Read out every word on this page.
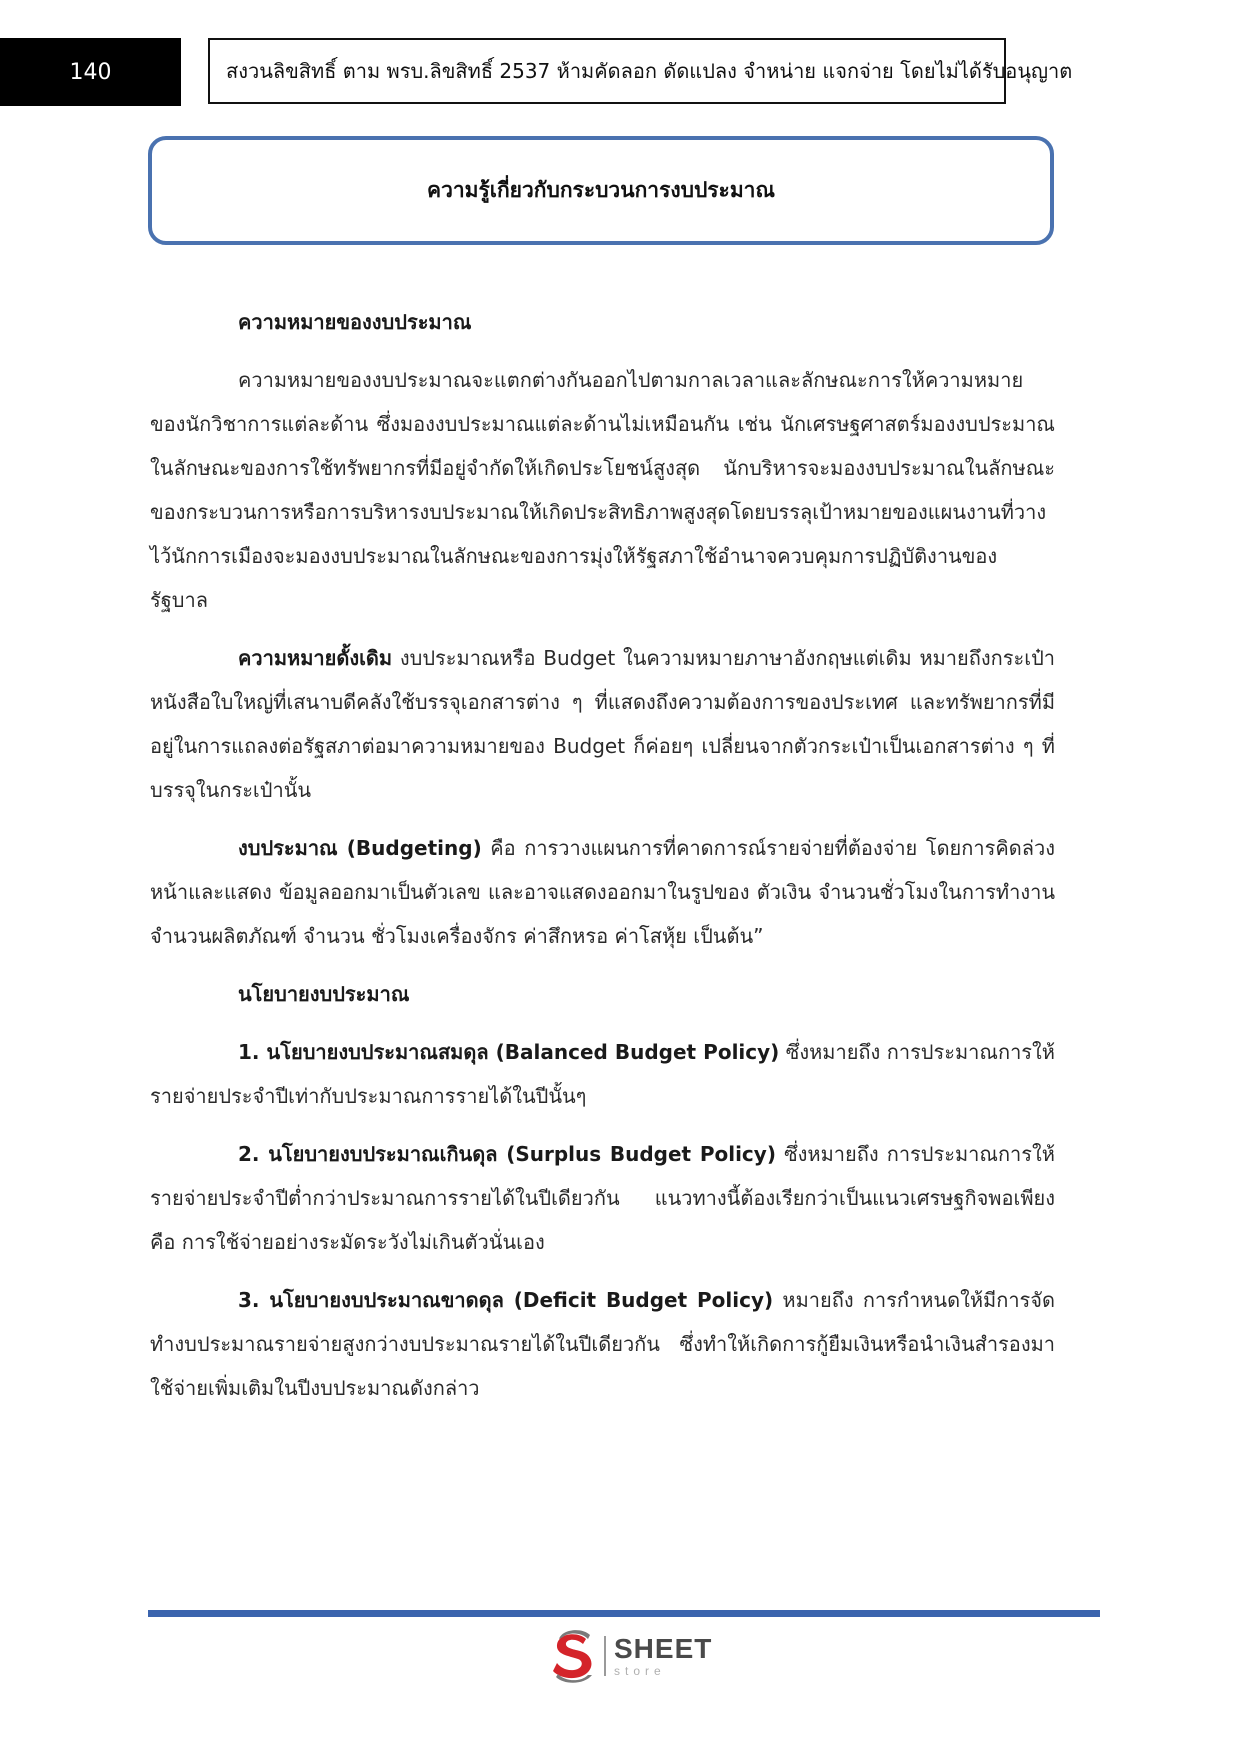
140	สงวนลิขสิทธิ์ ตาม พรบ.ลิขสิทธิ์ 2537 ห้ามคัดลอก ดัดแปลง จำหน่าย แจกจ่าย โดยไม่ได้รับอนุญาต
ความรู้เกี่ยวกับกระบวนการงบประมาณ

ความหมายของงบประมาณ

ความหมายของงบประมาณจะแตกต่างกันออกไปตามกาลเวลาและลักษณะการให้ความหมายของนักวิชาการแต่ละด้าน ซึ่งมองงบประมาณแต่ละด้านไม่เหมือนกัน เช่น นักเศรษฐศาสตร์มองงบประมาณในลักษณะของการใช้ทรัพยากรที่มีอยู่จำกัดให้เกิดประโยชน์สูงสุด นักบริหารจะมองงบประมาณในลักษณะของกระบวนการหรือการบริหารงบประมาณให้เกิดประสิทธิภาพสูงสุดโดยบรรลุเป้าหมายของแผนงานที่วางไว้นักการเมืองจะมองงบประมาณในลักษณะของการมุ่งให้รัฐสภาใช้อำนาจควบคุมการปฏิบัติงานของรัฐบาล

ความหมายดั้งเดิม งบประมาณหรือ Budget ในความหมายภาษาอังกฤษแต่เดิม หมายถึงกระเป๋าหนังสือใบใหญ่ที่เสนาบดีคลังใช้บรรจุเอกสารต่าง ๆ ที่แสดงถึงความต้องการของประเทศ และทรัพยากรที่มีอยู่ในการแถลงต่อรัฐสภาต่อมาความหมายของ Budget ก็ค่อยๆ เปลี่ยนจากตัวกระเป๋าเป็นเอกสารต่าง ๆ ที่บรรจุในกระเป๋านั้น

งบประมาณ (Budgeting) คือ การวางแผนการที่คาดการณ์รายจ่ายที่ต้องจ่าย โดยการคิดล่วงหน้าและแสดง ข้อมูลออกมาเป็นตัวเลข และอาจแสดงออกมาในรูปของ ตัวเงิน จำนวนชั่วโมงในการทำงาน จำนวนผลิตภัณฑ์ จำนวน ชั่วโมงเครื่องจักร ค่าสึกหรอ ค่าโสหุ้ย เป็นต้น”

นโยบายงบประมาณ

1. นโยบายงบประมาณสมดุล (Balanced Budget Policy) ซึ่งหมายถึง การประมาณการให้รายจ่ายประจำปีเท่ากับประมาณการรายได้ในปีนั้นๆ

2. นโยบายงบประมาณเกินดุล (Surplus Budget Policy) ซึ่งหมายถึง การประมาณการให้รายจ่ายประจำปีต่ำกว่าประมาณการรายได้ในปีเดียวกัน แนวทางนี้ต้องเรียกว่าเป็นแนวเศรษฐกิจพอเพียง คือ การใช้จ่ายอย่างระมัดระวังไม่เกินตัวนั่นเอง

3. นโยบายงบประมาณขาดดุล (Deficit Budget Policy) หมายถึง การกำหนดให้มีการจัดทำงบประมาณรายจ่ายสูงกว่างบประมาณรายได้ในปีเดียวกัน ซึ่งทำให้เกิดการกู้ยืมเงินหรือนำเงินสำรองมาใช้จ่ายเพิ่มเติมในปีงบประมาณดังกล่าว

SHEET
store
